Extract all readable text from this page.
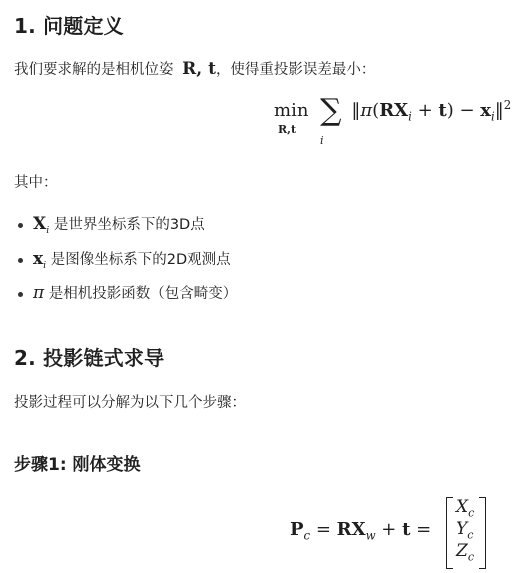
1. 问题定义
我们要求解的是相机位姿 R, t，使得重投影误差最小：
min ∑ $‖\pi(RX_i + t)$ − $x_i‖^2$
R,t
i
其中：
$X_i$ 是世界坐标系下的3D点
$x_i$ 是图像坐标系下的2D观测点
π 是相机投影函数（包含畸变）
2. 投影链式求导
投影过程可以分解为以下几个步骤：
步骤1: 刚体变换
$P_c = RX_w + t$ =
$X_c$
$Y_c$
$Z_c$
